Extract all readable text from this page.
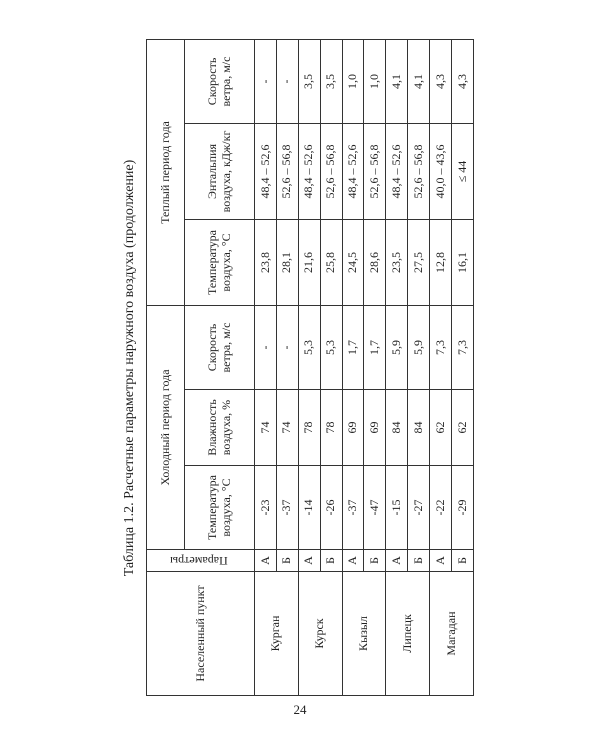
Таблица 1.2. Расчетные параметры наружного воздуха (продолжение)
Населенный пункт	Параметры	Холодный период года			Теплый период года		
		Температура воздуха, °С	Влажность воздуха, %	Скорость ветра, м/с	Температура воздуха, °С	Энтальпия воздуха, кДж/кг	Скорость ветра, м/с
Курган	А	-23	74	-	23,8	48,4 – 52,6	-
	Б	-37	74	-	28,1	52,6 – 56,8	-
Курск	А	-14	78	5,3	21,6	48,4 – 52,6	3,5
	Б	-26	78	5,3	25,8	52,6 – 56,8	3,5
Кызыл	А	-37	69	1,7	24,5	48,4 – 52,6	1,0
	Б	-47	69	1,7	28,6	52,6 – 56,8	1,0
Липецк	А	-15	84	5,9	23,5	48,4 – 52,6	4,1
	Б	-27	84	5,9	27,5	52,6 – 56,8	4,1
Магадан	А	-22	62	7,3	12,8	40,0 – 43,6	4,3
	Б	-29	62	7,3	16,1	≤ 44	4,3
24
